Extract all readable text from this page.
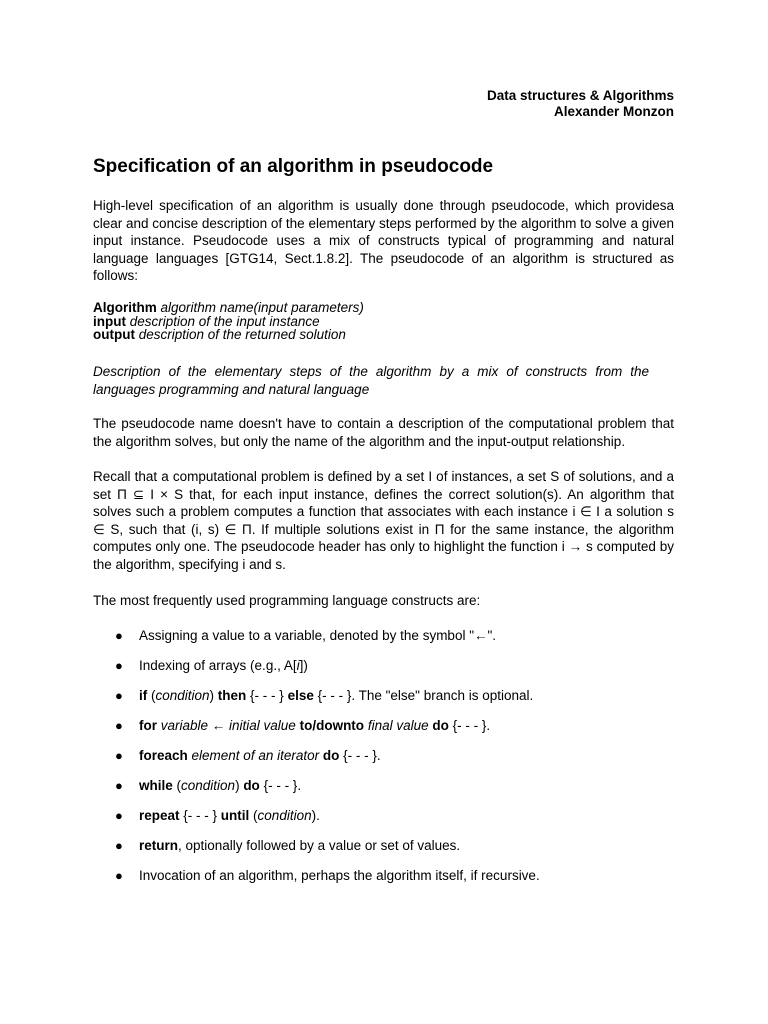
Data structures & Algorithms
Alexander Monzon
Specification of an algorithm in pseudocode

High-level specification of an algorithm is usually done through pseudocode, which providesa clear and concise description of the elementary steps performed by the algorithm to solve a given input instance. Pseudocode uses a mix of constructs typical of programming and natural language languages [GTG14, Sect.1.8.2]. The pseudocode of an algorithm is structured as follows:

Algorithm algorithm name(input parameters)
input description of the input instance
output description of the returned solution

Description of the elementary steps of the algorithm by a mix of constructs from the languages programming and natural language

The pseudocode name doesn't have to contain a description of the computational problem that the algorithm solves, but only the name of the algorithm and the input-output relationship.

Recall that a computational problem is defined by a set I of instances, a set S of solutions, and a set Π ⊆ I × S that, for each input instance, defines the correct solution(s). An algorithm that solves such a problem computes a function that associates with each instance i ∈ I a solution s ∈ S, such that (i, s) ∈ Π. If multiple solutions exist in Π for the same instance, the algorithm computes only one. The pseudocode header has only to highlight the function i → s computed by the algorithm, specifying i and s.

The most frequently used programming language constructs are:

● Assigning a value to a variable, denoted by the symbol "←".
● Indexing of arrays (e.g., A[i])
● if (condition) then {- - - } else {- - - }. The "else" branch is optional.
● for variable ← initial value to/downto final value do {- - - }.
● foreach element of an iterator do {- - - }.
● while (condition) do {- - - }.
● repeat {- - - } until (condition).
● return, optionally followed by a value or set of values.
● Invocation of an algorithm, perhaps the algorithm itself, if recursive.
